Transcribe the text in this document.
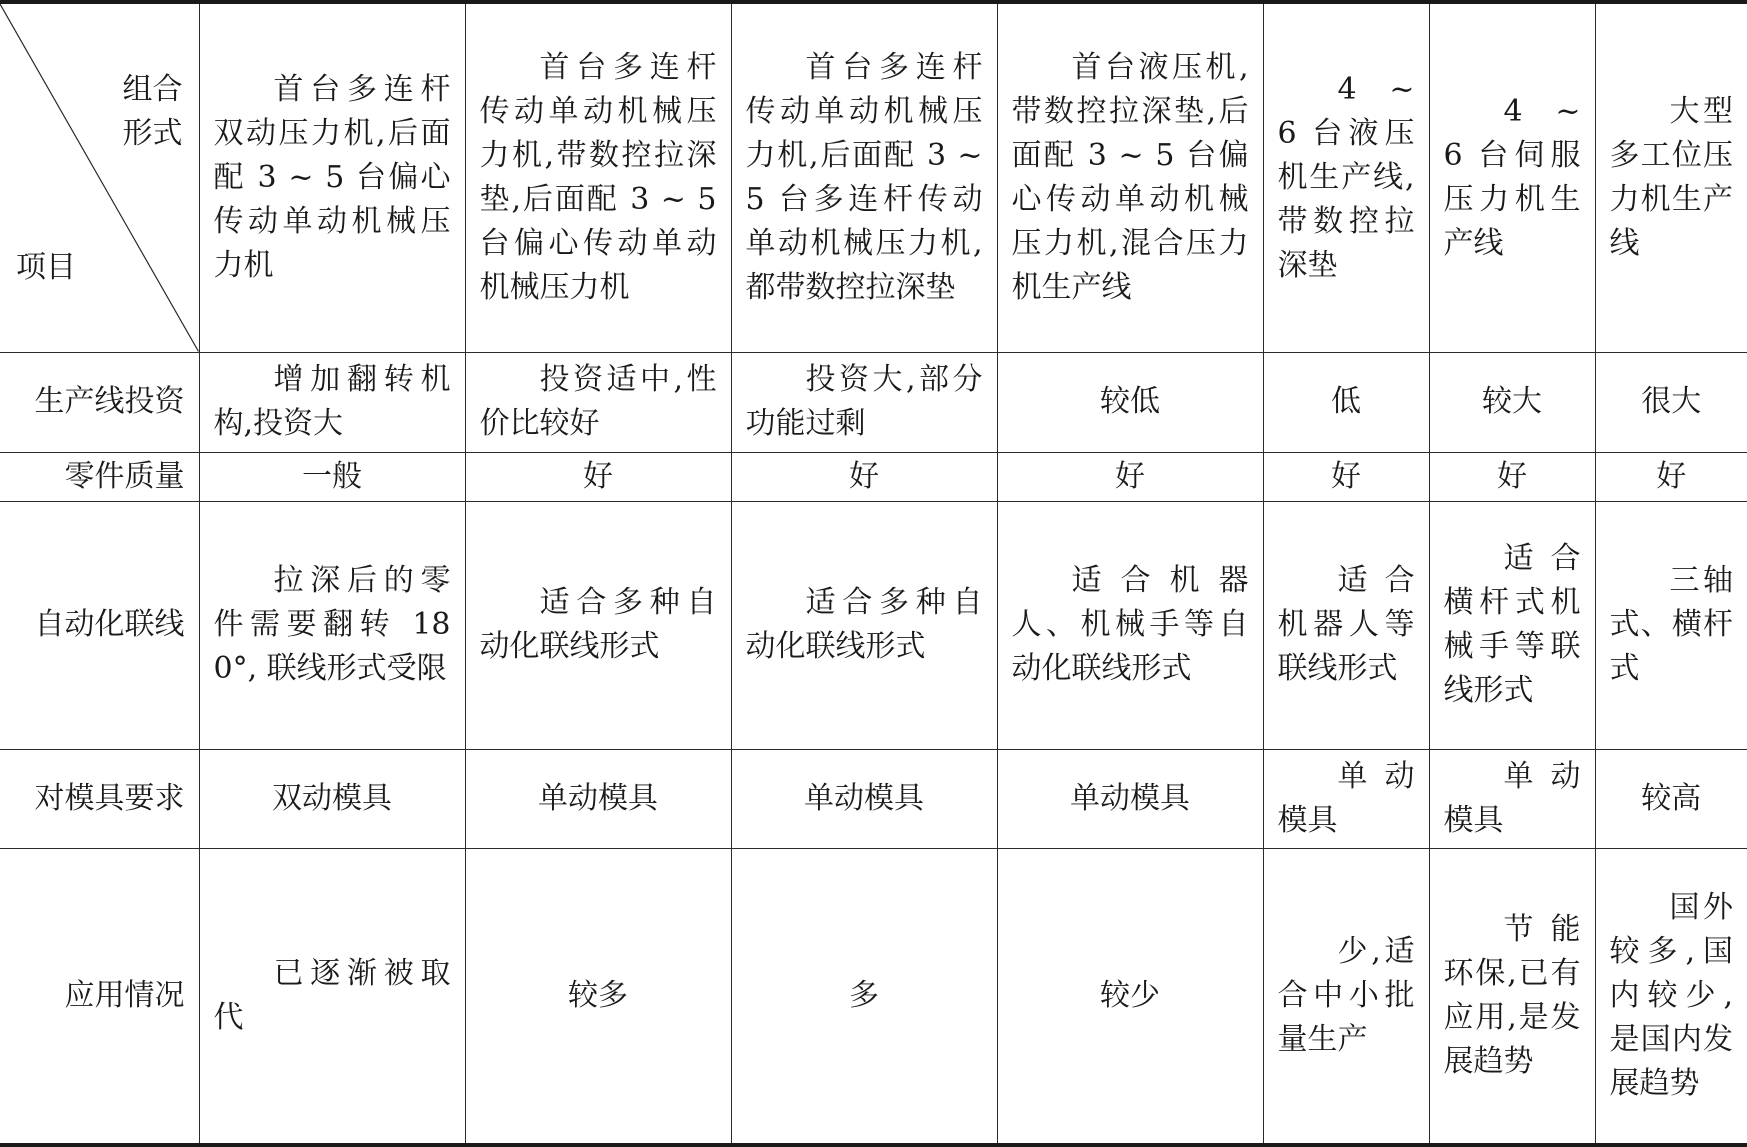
组合
形式
项目	首台多连杆双动压力机,后面配 3 ~ 5 台偏心传动单动机械压力机	首台多连杆传动单动机械压力机,带数控拉深垫,后面配 3 ~ 5 台偏心传动单动机械压力机	首台多连杆传动单动机械压力机,后面配 3 ~ 5 台多连杆传动单动机械压力机,都带数控拉深垫	首台液压机,带数控拉深垫,后面配 3 ~ 5 台偏心传动单动机械压力机,混合压力机生产线	4 ~ 6 台液压机生产线, 带数控拉深垫	4 ~ 6 台伺服压力机生产线	大型多工位压力机生产线
生产线投资	增加翻转机构,投资大	投资适中,性价比较好	投资大,部分功能过剩	较低	低	较大	很大
零件质量	一般	好	好	好	好	好	好
自动化联线	拉深后的零件需要翻转 180°, 联线形式受限	适合多种自动化联线形式	适合多种自动化联线形式	适合机器人、机械手等自动化联线形式	适合机器人等联线形式	适合横杆式机械手等联线形式	三轴式、横杆式
对模具要求	双动模具	单动模具	单动模具	单动模具	单动模具	单动模具	较高
应用情况	已逐渐被取代	较多	多	较少	少,适合中小批量生产	节能环保,已有应用,是发展趋势	国外较多,国内较少,是国内发展趋势
